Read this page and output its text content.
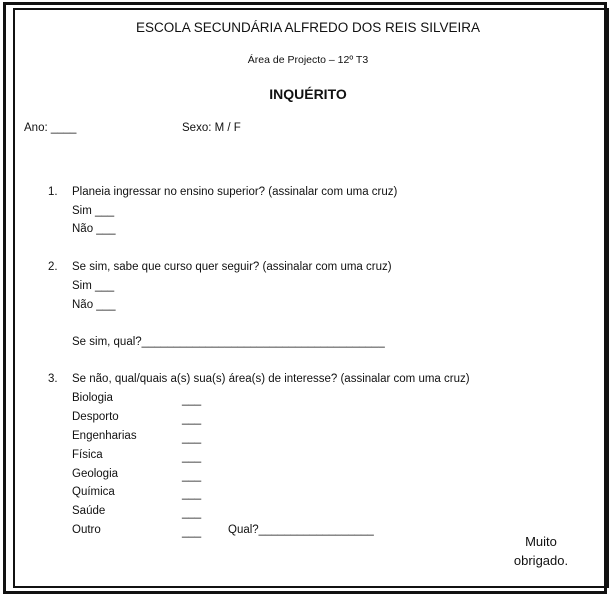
ESCOLA SECUNDÁRIA ALFREDO DOS REIS SILVEIRA
Área de Projecto – 12º T3
INQUÉRITO
Ano: ____	Sexo: M / F
1. Planeia ingressar no ensino superior? (assinalar com uma cruz)
Sim ___
Não ___
2. Se sim, sabe que curso quer seguir? (assinalar com uma cruz)
Sim ___
Não ___
Se sim, qual?______________________________________
3. Se não, qual/quais a(s) sua(s) área(s) de interesse? (assinalar com uma cruz)
Biologia	___
Desporto	___
Engenharias	___
Física	___
Geologia	___
Química	___
Saúde	___
Outro	___ Qual?__________________
Muito
obrigado.
